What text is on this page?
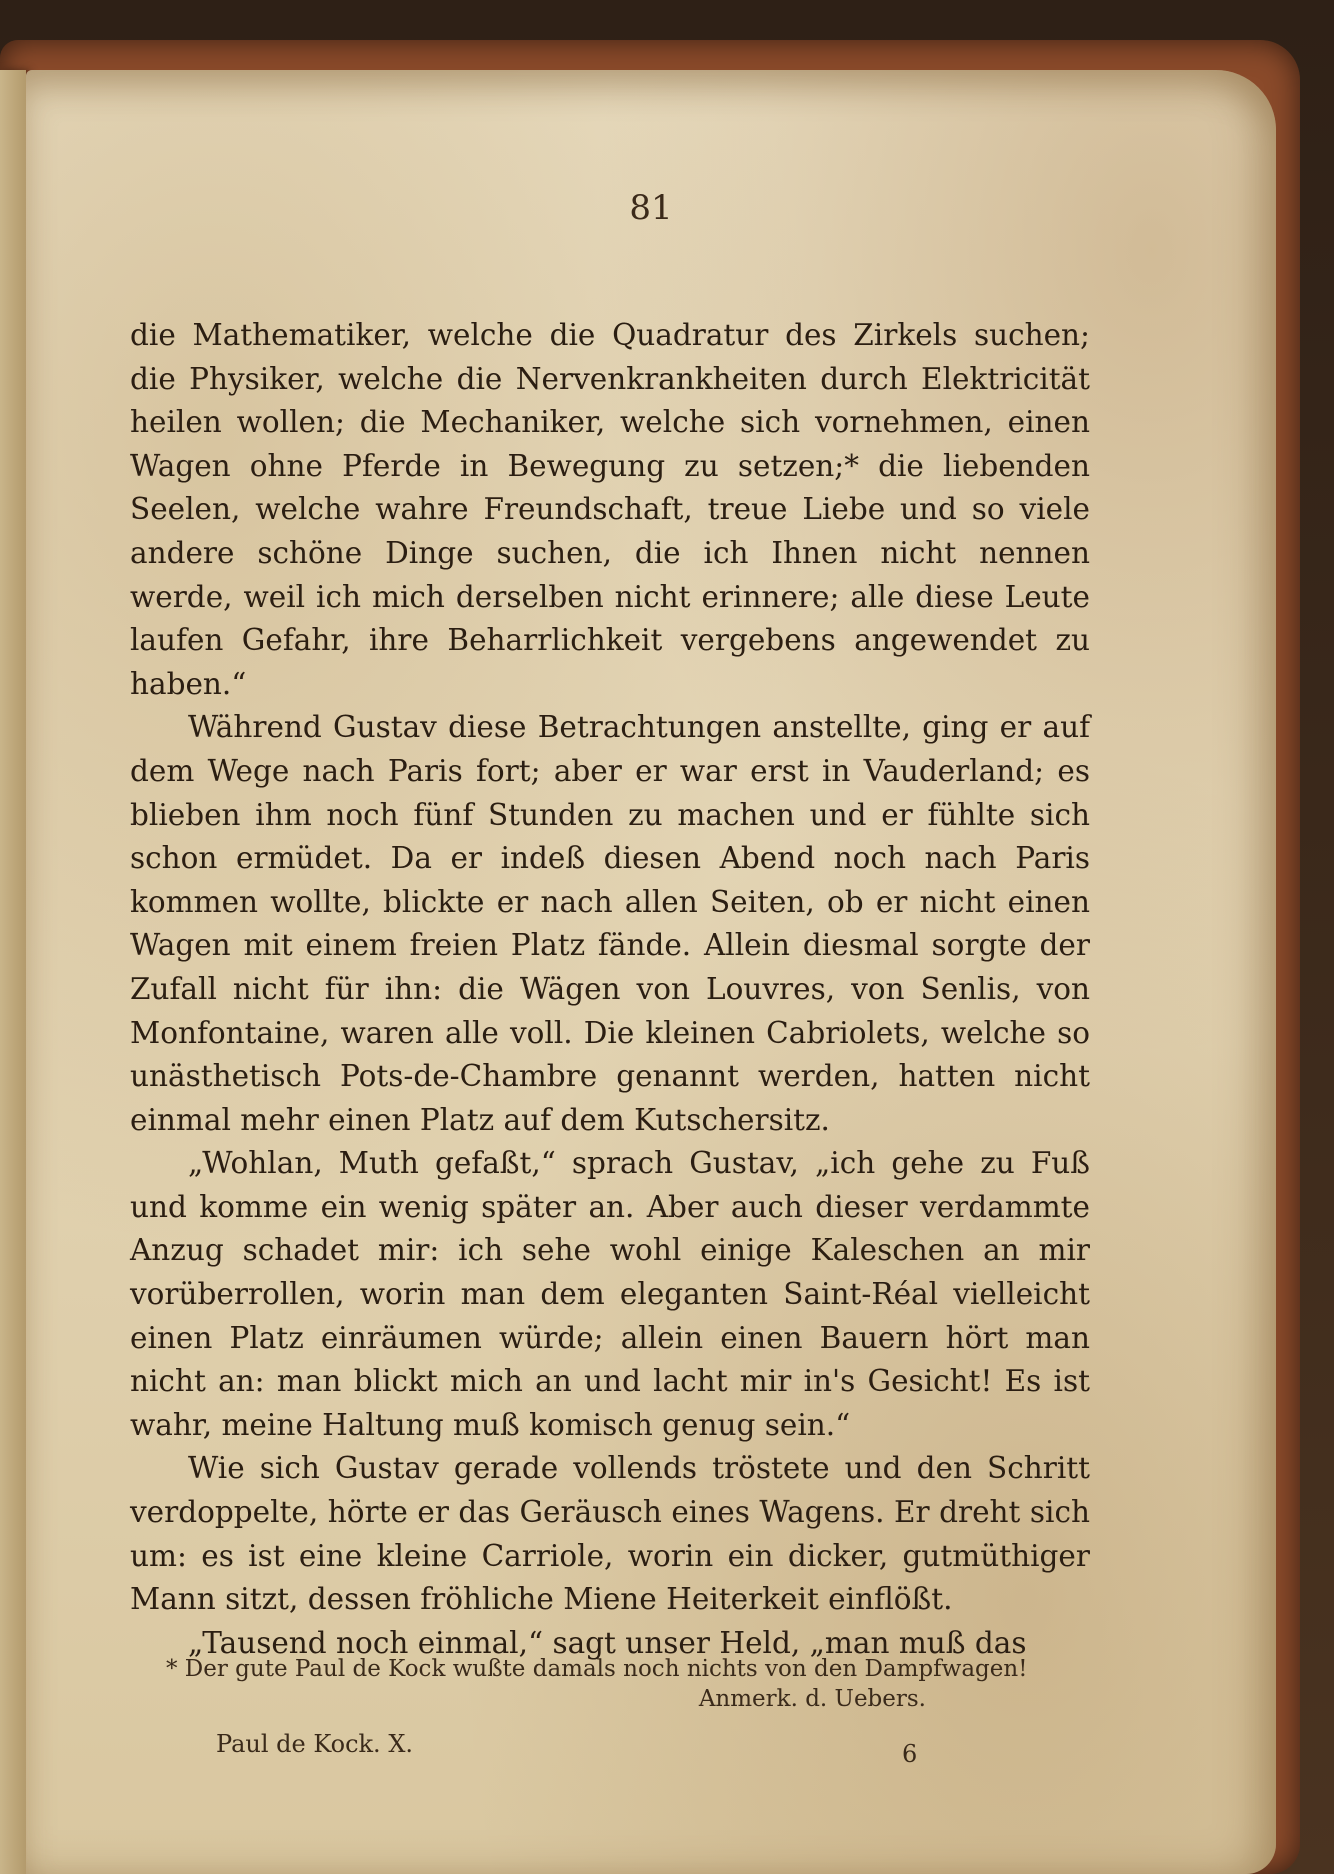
81

die Mathematiker, welche die Quadratur des Zirkels suchen; die Physiker, welche die Nervenkrankheiten durch Elektricität heilen wollen; die Mechaniker, welche sich vornehmen, einen Wagen ohne Pferde in Bewegung zu setzen;* die liebenden Seelen, welche wahre Freundschaft, treue Liebe und so viele andere schöne Dinge suchen, die ich Ihnen nicht nennen werde, weil ich mich derselben nicht erinnere; alle diese Leute laufen Gefahr, ihre Beharrlichkeit vergebens angewendet zu haben.“

Während Gustav diese Betrachtungen anstellte, ging er auf dem Wege nach Paris fort; aber er war erst in Vauderland; es blieben ihm noch fünf Stunden zu machen und er fühlte sich schon ermüdet. Da er indeß diesen Abend noch nach Paris kommen wollte, blickte er nach allen Seiten, ob er nicht einen Wagen mit einem freien Platz fände. Allein diesmal sorgte der Zufall nicht für ihn: die Wägen von Louvres, von Senlis, von Monfontaine, waren alle voll. Die kleinen Cabriolets, welche so unästhetisch Pots-de-Chambre genannt werden, hatten nicht einmal mehr einen Platz auf dem Kutschersitz.

„Wohlan, Muth gefaßt,“ sprach Gustav, „ich gehe zu Fuß und komme ein wenig später an. Aber auch dieser verdammte Anzug schadet mir: ich sehe wohl einige Kaleschen an mir vorüberrollen, worin man dem eleganten Saint-Réal vielleicht einen Platz einräumen würde; allein einen Bauern hört man nicht an: man blickt mich an und lacht mir in's Gesicht! Es ist wahr, meine Haltung muß komisch genug sein.“

Wie sich Gustav gerade vollends tröstete und den Schritt verdoppelte, hörte er das Geräusch eines Wagens. Er dreht sich um: es ist eine kleine Carriole, worin ein dicker, gutmüthiger Mann sitzt, dessen fröhliche Miene Heiterkeit einflößt.

„Tausend noch einmal,“ sagt unser Held, „man muß das

* Der gute Paul de Kock wußte damals noch nichts von den Dampfwagen!
Anmerk. d. Uebers.
Paul de Kock. X.	6
